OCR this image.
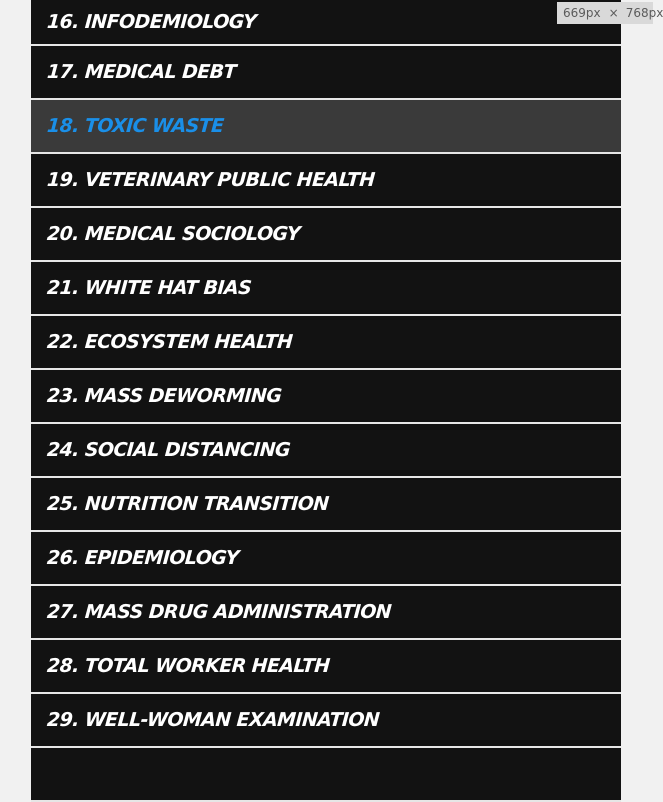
16. INFODEMIOLOGY
17. MEDICAL DEBT
18. TOXIC WASTE
19. VETERINARY PUBLIC HEALTH
20. MEDICAL SOCIOLOGY
21. WHITE HAT BIAS
22. ECOSYSTEM HEALTH
23. MASS DEWORMING
24. SOCIAL DISTANCING
25. NUTRITION TRANSITION
26. EPIDEMIOLOGY
27. MASS DRUG ADMINISTRATION
28. TOTAL WORKER HEALTH
29. WELL-WOMAN EXAMINATION
669px × 768px
